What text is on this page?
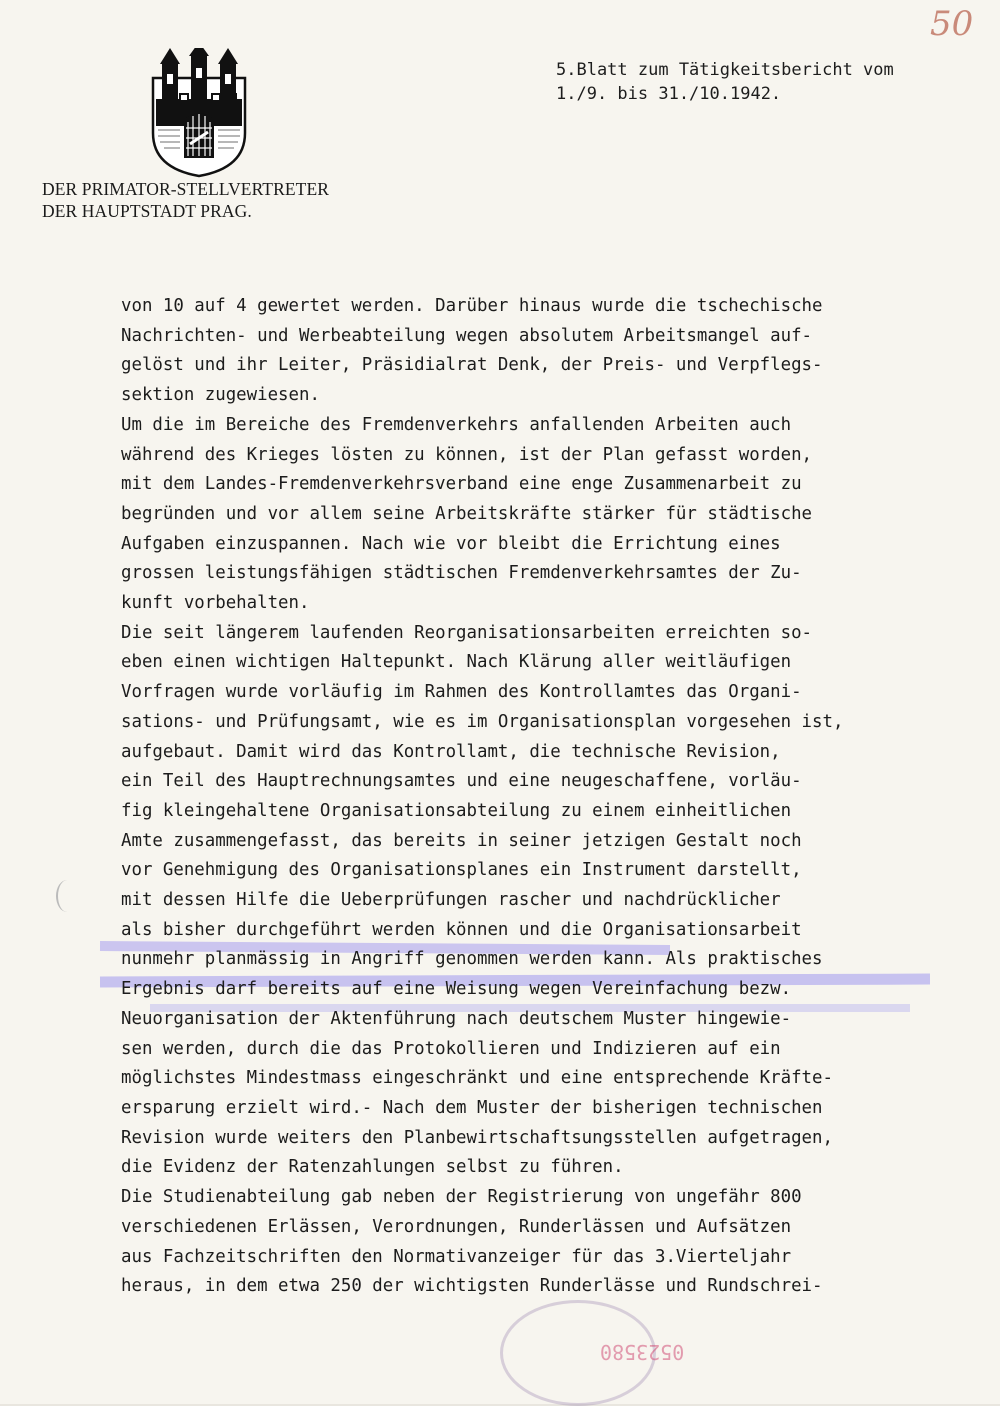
50
DER PRIMATOR-STELLVERTRETER
DER HAUPTSTADT PRAG.
5.Blatt zum Tätigkeitsbericht vom
1./9. bis 31./10.1942.
von 10 auf 4 gewertet werden. Darüber hinaus wurde die tschechische
Nachrichten- und Werbeabteilung wegen absolutem Arbeitsmangel auf-
gelöst und ihr Leiter, Präsidialrat Denk, der Preis- und Verpflegs-
sektion zugewiesen.
Um die im Bereiche des Fremdenverkehrs anfallenden Arbeiten auch
während des Krieges lösten zu können, ist der Plan gefasst worden,
mit dem Landes-Fremdenverkehrsverband eine enge Zusammenarbeit zu
begründen und vor allem seine Arbeitskräfte stärker für städtische
Aufgaben einzuspannen. Nach wie vor bleibt die Errichtung eines
grossen leistungsfähigen städtischen Fremdenverkehrsamtes der Zu-
kunft vorbehalten.
Die seit längerem laufenden Reorganisationsarbeiten erreichten so-
eben einen wichtigen Haltepunkt. Nach Klärung aller weitläufigen
Vorfragen wurde vorläufig im Rahmen des Kontrollamtes das Organi-
sations- und Prüfungsamt, wie es im Organisationsplan vorgesehen ist,
aufgebaut. Damit wird das Kontrollamt, die technische Revision,
ein Teil des Hauptrechnungsamtes und eine neugeschaffene, vorläu-
fig kleingehaltene Organisationsabteilung zu einem einheitlichen
Amte zusammengefasst, das bereits in seiner jetzigen Gestalt noch
vor Genehmigung des Organisationsplanes ein Instrument darstellt,
mit dessen Hilfe die Ueberprüfungen rascher und nachdrücklicher
als bisher durchgeführt werden können und die Organisationsarbeit
nunmehr planmässig in Angriff genommen werden kann. Als praktisches
Ergebnis darf bereits auf eine Weisung wegen Vereinfachung bezw.
Neuorganisation der Aktenführung nach deutschem Muster hingewie-
sen werden, durch die das Protokollieren und Indizieren auf ein
möglichstes Mindestmass eingeschränkt und eine entsprechende Kräfte-
ersparung erzielt wird.- Nach dem Muster der bisherigen technischen
Revision wurde weiters den Planbewirtschaftsungsstellen aufgetragen,
die Evidenz der Ratenzahlungen selbst zu führen.
Die Studienabteilung gab neben der Registrierung von ungefähr 800
verschiedenen Erlässen, Verordnungen, Runderlässen und Aufsätzen
aus Fachzeitschriften den Normativanzeiger für das 3.Vierteljahr
heraus, in dem etwa 250 der wichtigsten Runderlässe und Rundschrei-
0523580
